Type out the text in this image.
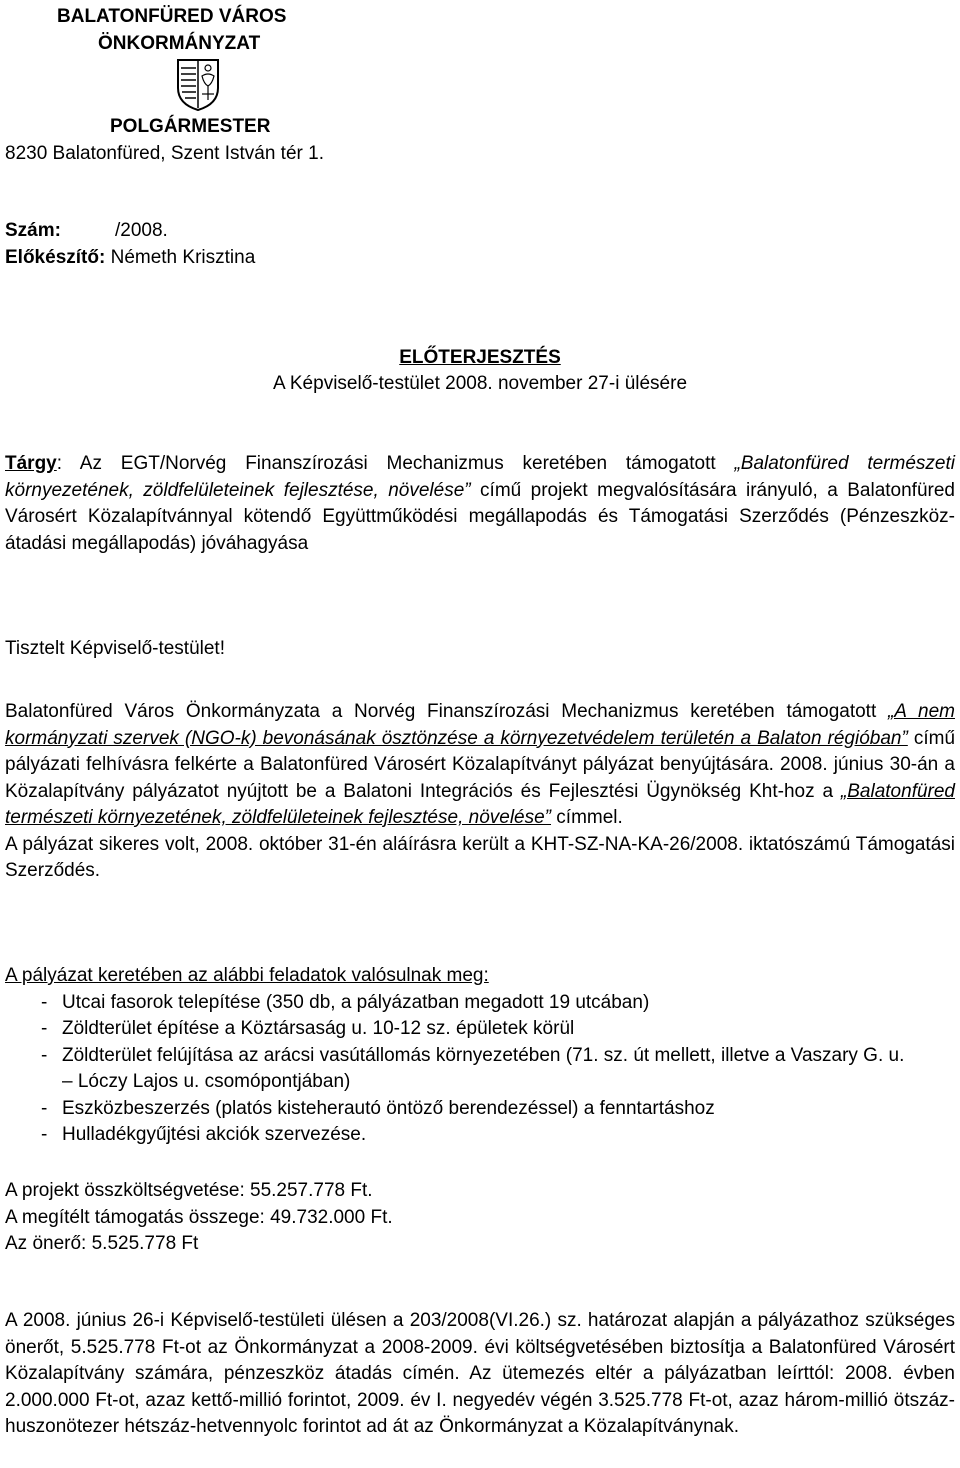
BALATONFÜRED VÁROS
ÖNKORMÁNYZAT
POLGÁRMESTER
8230 Balatonfüred, Szent István tér 1.
Szám:	/2008.
Előkészítő: Németh Krisztina
ELŐTERJESZTÉS
A Képviselő-testület 2008. november 27-i ülésére

Tárgy: Az EGT/Norvég Finanszírozási Mechanizmus keretében támogatott „Balatonfüred természeti környezetének, zöldfelületeinek fejlesztése, növelése” című projekt megvalósítására irányuló, a Balatonfüred Városért Közalapítvánnyal kötendő Együttműködési megállapodás és Támogatási Szerződés (Pénzeszköz-átadási megállapodás) jóváhagyása

Tisztelt Képviselő-testület!

Balatonfüred Város Önkormányzata a Norvég Finanszírozási Mechanizmus keretében támogatott „A nem kormányzati szervek (NGO-k) bevonásának ösztönzése a környezetvédelem területén a Balaton régióban” című pályázati felhívásra felkérte a Balatonfüred Városért Közalapítványt pályázat benyújtására. 2008. június 30-án a Közalapítvány pályázatot nyújtott be a Balatoni Integrációs és Fejlesztési Ügynökség Kht-hoz a „Balatonfüred természeti környezetének, zöldfelületeinek fejlesztése, növelése” címmel.
A pályázat sikeres volt, 2008. október 31-én aláírásra került a KHT-SZ-NA-KA-26/2008. iktatószámú Támogatási Szerződés.

A pályázat keretében az alábbi feladatok valósulnak meg:
- Utcai fasorok telepítése (350 db, a pályázatban megadott 19 utcában)
- Zöldterület építése a Köztársaság u. 10-12 sz. épületek körül
- Zöldterület felújítása az arácsi vasútállomás környezetében (71. sz. út mellett, illetve a Vaszary G. u. – Lóczy Lajos u. csomópontjában)
- Eszközbeszerzés (platós kisteherautó öntöző berendezéssel) a fenntartáshoz
- Hulladékgyűjtési akciók szervezése.
A projekt összköltségvetése: 55.257.778 Ft.
A megítélt támogatás összege: 49.732.000 Ft.
Az önerő: 5.525.778 Ft

A 2008. június 26-i Képviselő-testületi ülésen a 203/2008(VI.26.) sz. határozat alapján a pályázathoz szükséges önerőt, 5.525.778 Ft-ot az Önkormányzat a 2008-2009. évi költségvetésében biztosítja a Balatonfüred Városért Közalapítvány számára, pénzeszköz átadás címén. Az ütemezés eltér a pályázatban leírttól: 2008. évben 2.000.000 Ft-ot, azaz kettő-millió forintot, 2009. év I. negyedév végén 3.525.778 Ft-ot, azaz három-millió ötszáz-huszonötezer hétszáz-hetvennyolc forintot ad át az Önkormányzat a Közalapítványnak.
